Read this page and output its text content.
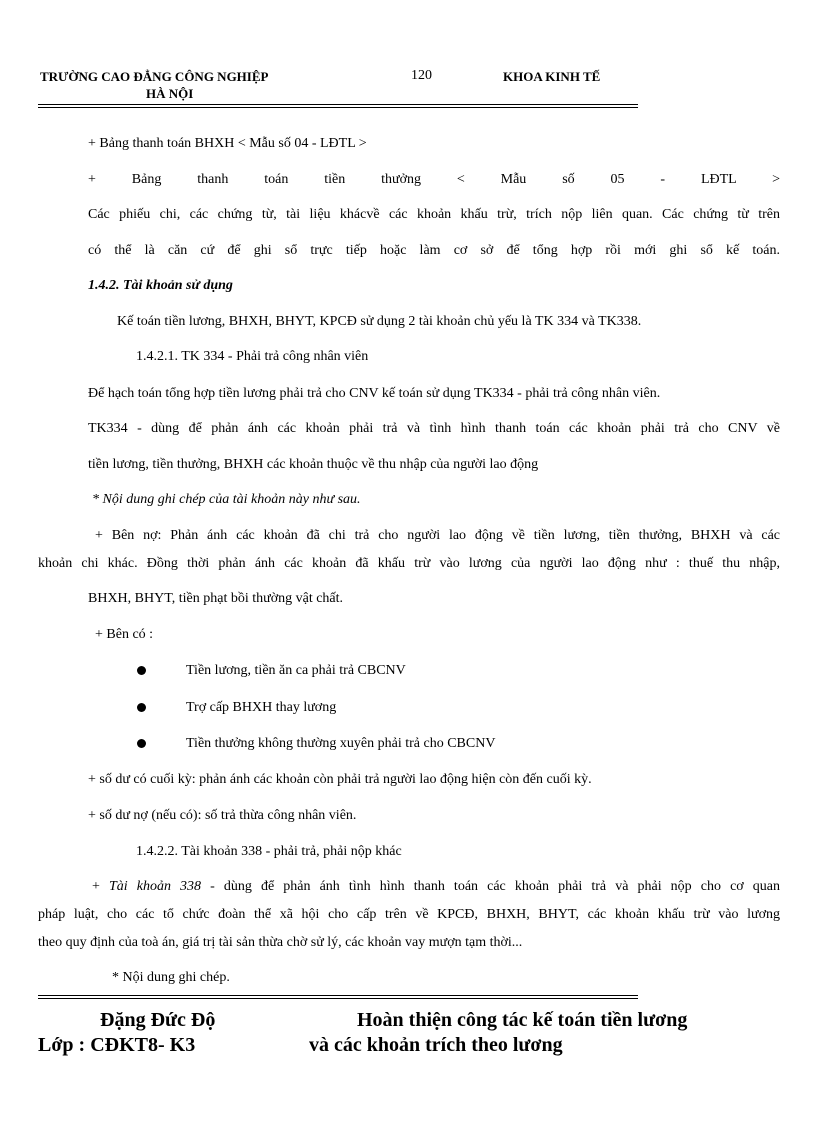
TRƯỜNG CAO ĐẲNG CÔNG NGHIỆP
HÀ NỘI
120	KHOA KINH TẾ
+ Bảng thanh toán BHXH < Mẫu số 04 - LĐTL >
+ Bảng thanh toán tiền thưởng < Mẫu số 05 - LĐTL >
Các phiếu chi, các chứng từ, tài liệu khácvề các khoản khấu trừ, trích nộp liên quan. Các chứng từ trên
có thể là căn cứ để ghi sổ trực tiếp hoặc làm cơ sở để tổng hợp rồi mới ghi sổ kế toán.
1.4.2. Tài khoản sử dụng
Kế toán tiền lương, BHXH, BHYT, KPCĐ sử dụng 2 tài khoản chủ yếu là TK 334 và TK338.
1.4.2.1. TK 334 - Phải trả công nhân viên
Để hạch toán tổng hợp tiền lương phải trả cho CNV kế toán sử dụng TK334 - phải trả công nhân viên.
TK334 - dùng để phản ánh các khoản phải trả và tình hình thanh toán các khoản phải trả cho CNV về
tiền lương, tiền thưởng, BHXH các khoản thuộc về thu nhập của người lao động
* Nội dung ghi chép của tài khoản này như sau.
+ Bên nợ: Phản ánh các khoản đã chi trả cho người lao động về tiền lương, tiền thưởng, BHXH và các
khoản chi khác. Đồng thời phản ánh các khoản đã khấu trừ vào lương của người lao động như : thuế thu nhập,
BHXH, BHYT, tiền phạt bồi thường vật chất.
+ Bên có :
Tiền lương, tiền ăn ca phải trả CBCNV
Trợ cấp BHXH thay lương
Tiền thưởng không thường xuyên phải trả cho CBCNV
+ số dư có cuối kỳ: phản ánh các khoản còn phải trả người lao động hiện còn đến cuối kỳ.
+ số dư nợ (nếu có): số trả thừa công nhân viên.
1.4.2.2. Tài khoản 338 - phải trả, phải nộp khác
+ Tài khoản 338 - dùng để phản ánh tình hình thanh toán các khoản phải trả và phải nộp cho cơ quan
pháp luật, cho các tổ chức đoàn thể xã hội cho cấp trên về KPCĐ, BHXH, BHYT, các khoản khấu trừ vào lương
theo quy định của toà án, giá trị tài sản thừa chờ sử lý, các khoản vay mượn tạm thời...
* Nội dung ghi chép.
Đặng Đức Độ
Lớp : CĐKT8- K3
Hoàn thiện công tác kế toán tiền lương
và các khoản trích theo lương
